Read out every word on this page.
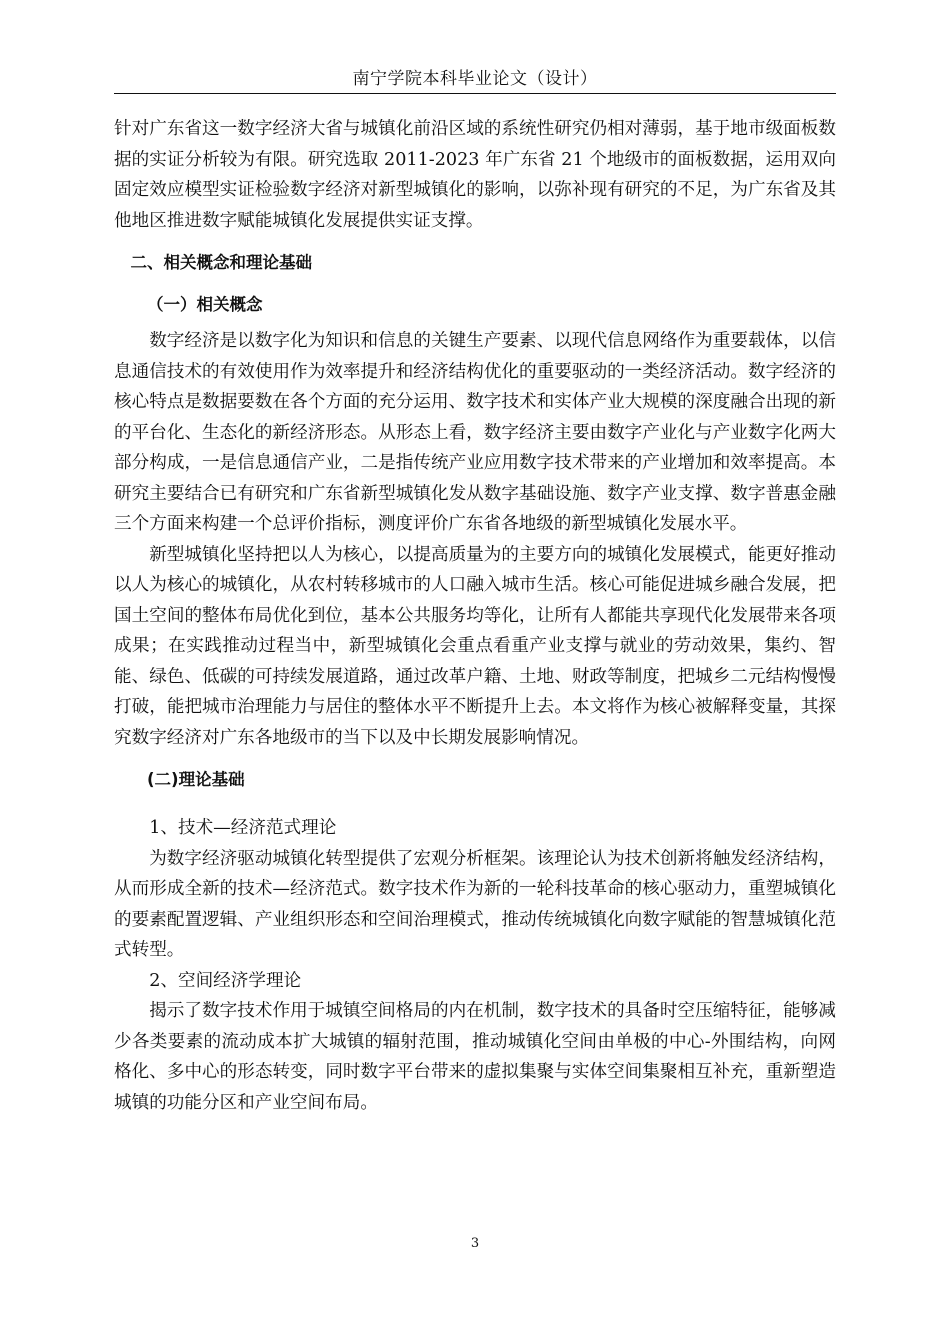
南宁学院本科毕业论文（设计）

针对广东省这一数字经济大省与城镇化前沿区域的系统性研究仍相对薄弱，基于地市级面板数据的实证分析较为有限。研究选取 2011-2023 年广东省 21 个地级市的面板数据，运用双向固定效应模型实证检验数字经济对新型城镇化的影响，以弥补现有研究的不足，为广东省及其他地区推进数字赋能城镇化发展提供实证支撑。

二、相关概念和理论基础

（一）相关概念

数字经济是以数字化为知识和信息的关键生产要素、以现代信息网络作为重要载体，以信息通信技术的有效使用作为效率提升和经济结构优化的重要驱动的一类经济活动。数字经济的核心特点是数据要数在各个方面的充分运用、数字技术和实体产业大规模的深度融合出现的新的平台化、生态化的新经济形态。从形态上看，数字经济主要由数字产业化与产业数字化两大部分构成，一是信息通信产业，二是指传统产业应用数字技术带来的产业增加和效率提高。本研究主要结合已有研究和广东省新型城镇化发从数字基础设施、数字产业支撑、数字普惠金融三个方面来构建一个总评价指标，测度评价广东省各地级的新型城镇化发展水平。

新型城镇化坚持把以人为核心，以提高质量为的主要方向的城镇化发展模式，能更好推动以人为核心的城镇化，从农村转移城市的人口融入城市生活。核心可能促进城乡融合发展，把国土空间的整体布局优化到位，基本公共服务均等化，让所有人都能共享现代化发展带来各项成果；在实践推动过程当中，新型城镇化会重点看重产业支撑与就业的劳动效果，集约、智能、绿色、低碳的可持续发展道路，通过改革户籍、土地、财政等制度，把城乡二元结构慢慢打破，能把城市治理能力与居住的整体水平不断提升上去。本文将作为核心被解释变量，其探究数字经济对广东各地级市的当下以及中长期发展影响情况。

(二)理论基础

1、技术—经济范式理论

为数字经济驱动城镇化转型提供了宏观分析框架。该理论认为技术创新将触发经济结构，从而形成全新的技术—经济范式。数字技术作为新的一轮科技革命的核心驱动力，重塑城镇化的要素配置逻辑、产业组织形态和空间治理模式，推动传统城镇化向数字赋能的智慧城镇化范式转型。

2、空间经济学理论

揭示了数字技术作用于城镇空间格局的内在机制，数字技术的具备时空压缩特征，能够减少各类要素的流动成本扩大城镇的辐射范围，推动城镇化空间由单极的中心-外围结构，向网格化、多中心的形态转变，同时数字平台带来的虚拟集聚与实体空间集聚相互补充，重新塑造城镇的功能分区和产业空间布局。

3
